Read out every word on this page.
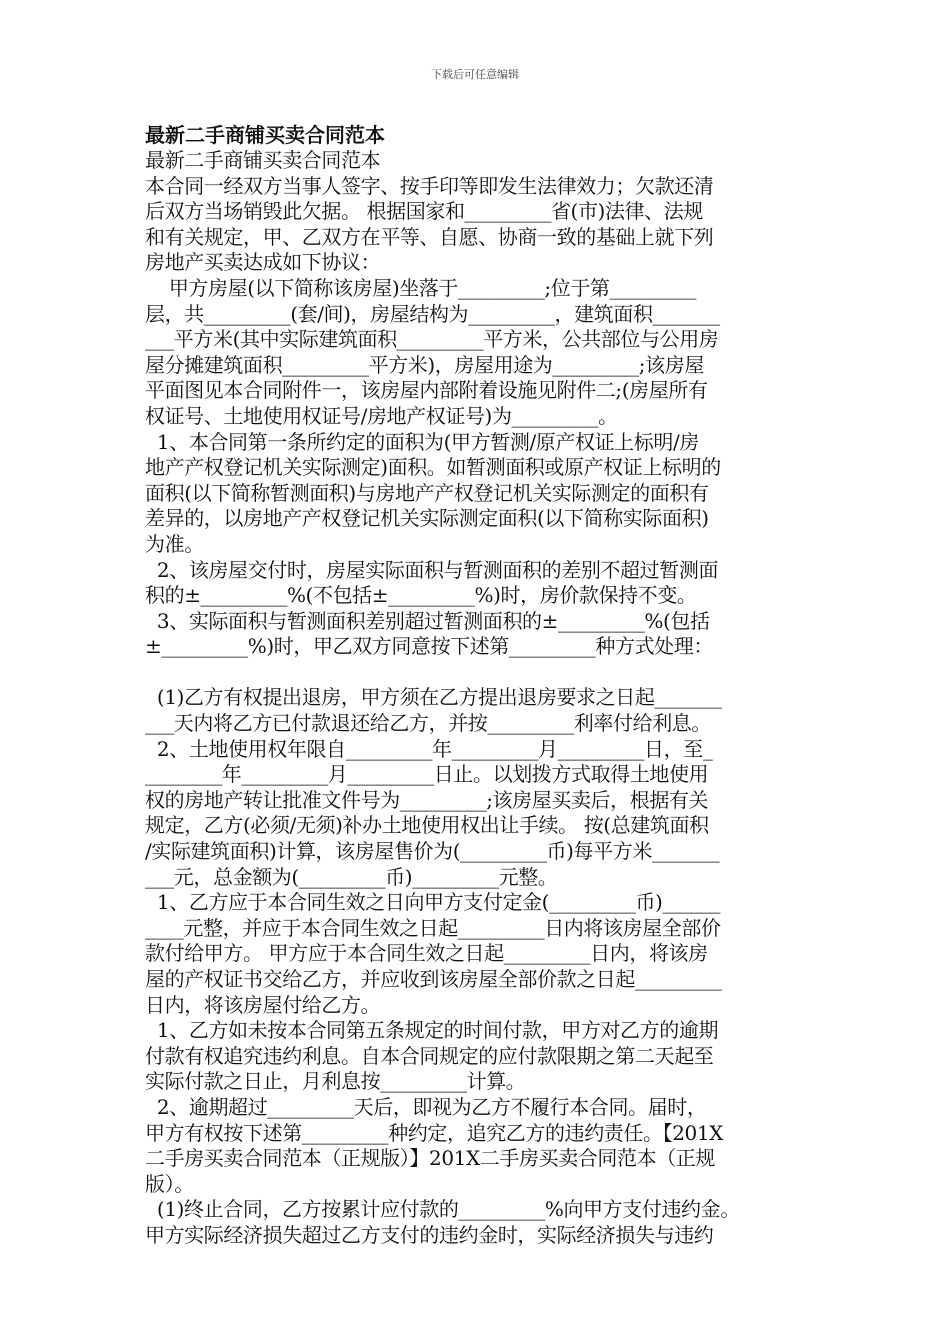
下载后可任意编辑
最新二手商铺买卖合同范本
最新二手商铺买卖合同范本
本合同一经双方当事人签字、按手印等即发生法律效力；欠款还清
后双方当场销毁此欠据。 根据国家和_________省(市)法律、法规
和有关规定，甲、乙双方在平等、自愿、协商一致的基础上就下列
房地产买卖达成如下协议：
甲方房屋(以下简称该房屋)坐落于_________;位于第_________
层，共_________(套/间)，房屋结构为_________，建筑面积_______
___平方米(其中实际建筑面积_________平方米，公共部位与公用房
屋分摊建筑面积_________平方米)，房屋用途为_________;该房屋
平面图见本合同附件一，该房屋内部附着设施见附件二;(房屋所有
权证号、土地使用权证号/房地产权证号)为_________。
1、本合同第一条所约定的面积为(甲方暂测/原产权证上标明/房
地产产权登记机关实际测定)面积。如暂测面积或原产权证上标明的
面积(以下简称暂测面积)与房地产产权登记机关实际测定的面积有
差异的，以房地产产权登记机关实际测定面积(以下简称实际面积)
为准。
2、该房屋交付时，房屋实际面积与暂测面积的差别不超过暂测面
积的±_________%(不包括±_________%)时，房价款保持不变。
3、实际面积与暂测面积差别超过暂测面积的±_________%(包括
±_________%)时，甲乙双方同意按下述第_________种方式处理：
(1)乙方有权提出退房，甲方须在乙方提出退房要求之日起_______
___天内将乙方已付款退还给乙方，并按_________利率付给利息。
2、土地使用权年限自_________年_________月_________日，至_
________年_________月_________日止。以划拨方式取得土地使用
权的房地产转让批准文件号为_________;该房屋买卖后，根据有关
规定，乙方(必须/无须)补办土地使用权出让手续。 按(总建筑面积
/实际建筑面积)计算，该房屋售价为(_________币)每平方米_______
___元，总金额为(_________币)_________元整。
1、乙方应于本合同生效之日向甲方支付定金(_________币)______
____元整，并应于本合同生效之日起_________日内将该房屋全部价
款付给甲方。 甲方应于本合同生效之日起_________日内，将该房
屋的产权证书交给乙方，并应收到该房屋全部价款之日起_________
日内，将该房屋付给乙方。
1、乙方如未按本合同第五条规定的时间付款，甲方对乙方的逾期
付款有权追究违约利息。自本合同规定的应付款限期之第二天起至
实际付款之日止，月利息按_________计算。
2、逾期超过_________天后，即视为乙方不履行本合同。届时，
甲方有权按下述第_________种约定，追究乙方的违约责任。【201X
二手房买卖合同范本（正规版）】201X二手房买卖合同范本（正规
版）。
(1)终止合同，乙方按累计应付款的_________%向甲方支付违约金。
甲方实际经济损失超过乙方支付的违约金时，实际经济损失与违约
